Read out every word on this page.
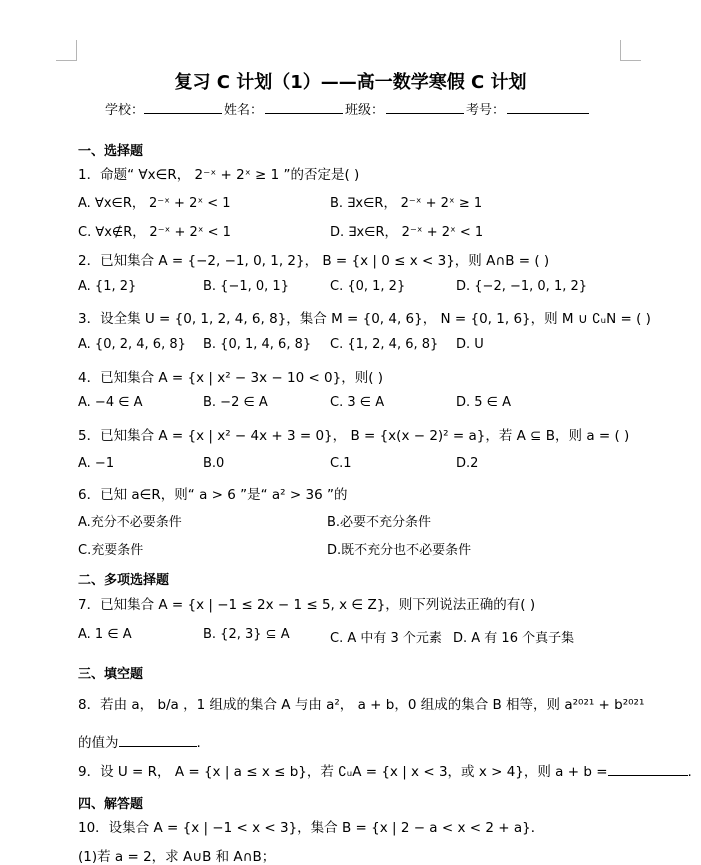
复习 C 计划（1）——高一数学寒假 C 计划
学校：	姓名：	班级：	考号：
一、选择题
1．命题“ ∀x∈R， 2⁻ˣ + 2ˣ ≥ 1 ”的否定是( )
A. ∀x∈R， 2⁻ˣ + 2ˣ < 1	B. ∃x∈R， 2⁻ˣ + 2ˣ ≥ 1
C. ∀x∉R， 2⁻ˣ + 2ˣ < 1	D. ∃x∈R， 2⁻ˣ + 2ˣ < 1
2．已知集合 A = {−2, −1, 0, 1, 2}， B = {x | 0 ≤ x < 3}，则 A∩B = ( )
A. {1, 2}	B. {−1, 0, 1}	C. {0, 1, 2}	D. {−2, −1, 0, 1, 2}
3．设全集 U = {0, 1, 2, 4, 6, 8}，集合 M = {0, 4, 6}， N = {0, 1, 6}，则 M ∪ ∁ᵤN = ( )
A. {0, 2, 4, 6, 8} B. {0, 1, 4, 6, 8} C. {1, 2, 4, 6, 8} D. U
4．已知集合 A = {x | x² − 3x − 10 < 0}，则( )
A. −4 ∈ A	B. −2 ∈ A	C. 3 ∈ A	D. 5 ∈ A
5．已知集合 A = {x | x² − 4x + 3 = 0}， B = {x(x − 2)² = a}，若 A ⊆ B，则 a = ( )
A. −1	B.0	C.1	D.2
6．已知 a∈R，则“ a > 6 ”是“ a² > 36 ”的
A.充分不必要条件	B.必要不充分条件
C.充要条件	D.既不充分也不必要条件
二、多项选择题
7．已知集合 A = {x | −1 ≤ 2x − 1 ≤ 5, x ∈ Z}，则下列说法正确的有( )
A. 1 ∈ A	B. {2, 3} ⊆ A	C. A 中有 3 个元素 D. A 有 16 个真子集
三、填空题
8．若由 a， b/a ，1 组成的集合 A 与由 a²， a + b，0 组成的集合 B 相等，则 a²⁰²¹ + b²⁰²¹
的值为	.
9．设 U = R， A = {x | a ≤ x ≤ b}，若 ∁ᵤA = {x | x < 3，或 x > 4}，则 a + b =	.
四、解答题
10．设集合 A = {x | −1 < x < 3}，集合 B = {x | 2 − a < x < 2 + a}．
(1)若 a = 2，求 A∪B 和 A∩B；
